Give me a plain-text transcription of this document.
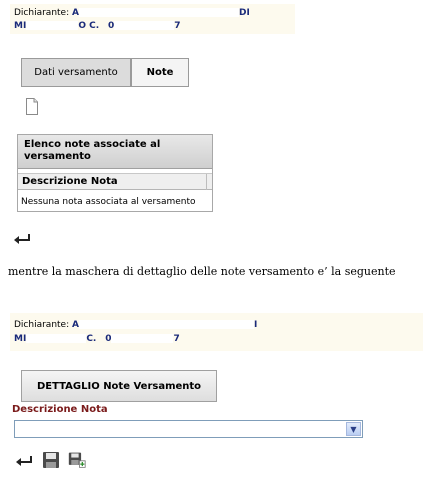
Dichiarante: A	DI
MI	O C. 0	7
Dati versamento	Note
Elenco note associate al versamento
Descrizione Nota
Nessuna nota associata al versamento
mentre la maschera di dettaglio delle note versamento e’ la seguente
Dichiarante: A	I
MI	C. 0	7
DETTAGLIO Note Versamento
Descrizione Nota
▼
